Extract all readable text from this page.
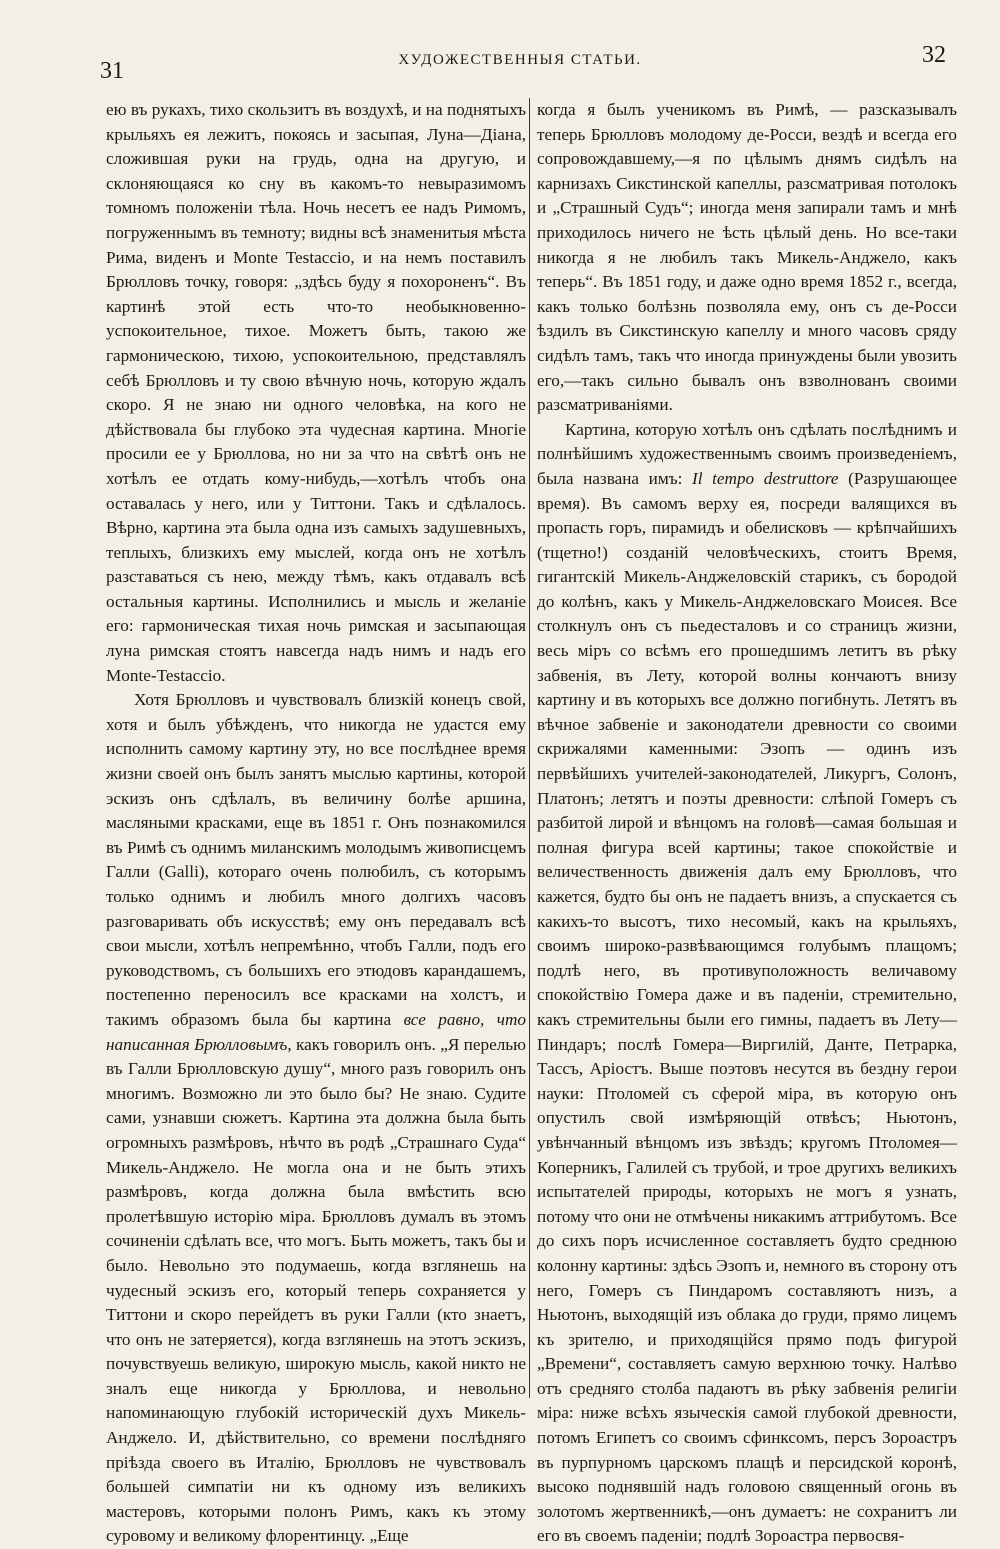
31	ХУДОЖЕСТВЕННЫЯ СТАТЬИ.	32

ею въ рукахъ, тихо скользитъ въ воздухѣ, и на поднятыхъ крыльяхъ ея лежитъ, покоясь и засыпая, Луна—Діана, сложившая руки на грудь, одна на другую, и склоняющаяся ко сну въ какомъ-то невыразимомъ томномъ положеніи тѣла. Ночь несетъ ее надъ Римомъ, погруженнымъ въ темноту; видны всѣ знаменитыя мѣста Рима, виденъ и Monte Testaccio, и на немъ поставилъ Брюлловъ точку, говоря: „здѣсь буду я похороненъ“. Въ картинѣ этой есть что-то необыкновенно-успокоительное, тихое. Можетъ быть, такою же гармоническою, тихою, успокоительною, представлялъ себѣ Брюлловъ и ту свою вѣчную ночь, которую ждалъ скоро. Я не знаю ни одного человѣка, на кого не дѣйствовала бы глубоко эта чудесная картина. Многіе просили ее у Брюллова, но ни за что на свѣтѣ онъ не хотѣлъ ее отдать кому-нибудь,—хотѣлъ чтобъ она оставалась у него, или у Титтони. Такъ и сдѣлалось. Вѣрно, картина эта была одна изъ самыхъ задушевныхъ, теплыхъ, близкихъ ему мыслей, когда онъ не хотѣлъ разставаться съ нею, между тѣмъ, какъ отдавалъ всѣ остальныя картины. Исполнились и мысль и желаніе его: гармоническая тихая ночь римская и засыпающая луна римская стоятъ навсегда надъ нимъ и надъ его Monte-Testaccio.

Хотя Брюлловъ и чувствовалъ близкій конецъ свой, хотя и былъ убѣжденъ, что никогда не удастся ему исполнить самому картину эту, но все послѣднее время жизни своей онъ былъ занятъ мыслью картины, которой эскизъ онъ сдѣлалъ, въ величину болѣе аршина, масляными красками, еще въ 1851 г. Онъ познакомился въ Римѣ съ однимъ миланскимъ молодымъ живописцемъ Галли (Galli), котораго очень полюбилъ, съ которымъ только однимъ и любилъ много долгихъ часовъ разговаривать объ искусствѣ; ему онъ передавалъ всѣ свои мысли, хотѣлъ непремѣнно, чтобъ Галли, подъ его руководствомъ, съ большихъ его этюдовъ карандашемъ, постепенно переносилъ все красками на холстъ, и такимъ образомъ была бы картина все равно, что написанная Брюлловымъ, какъ говорилъ онъ. „Я перелью въ Галли Брюлловскую душу“, много разъ говорилъ онъ многимъ. Возможно ли это было бы? Не знаю. Судите сами, узнавши сюжетъ. Картина эта должна была быть огромныхъ размѣровъ, нѣчто въ родѣ „Страшнаго Суда“ Микель-Анджело. Не могла она и не быть этихъ размѣровъ, когда должна была вмѣстить всю пролетѣвшую исторію міра. Брюлловъ думалъ въ этомъ сочиненіи сдѣлать все, что могъ. Быть можетъ, такъ бы и было. Невольно это подумаешь, когда взглянешь на чудесный эскизъ его, который теперь сохраняется у Титтони и скоро перейдетъ въ руки Галли (кто знаетъ, что онъ не затеряется), когда взглянешь на этотъ эскизъ, почувствуешь великую, широкую мысль, какой никто не зналъ еще никогда у Брюллова, и невольно напоминающую глубокій историческій духъ Микель-Анджело. И, дѣйствительно, со времени послѣдняго пріѣзда своего въ Италію, Брюлловъ не чувствовалъ большей симпатіи ни къ одному изъ великихъ мастеровъ, которыми полонъ Римъ, какъ къ этому суровому и великому флорентинцу. „Еще

когда я былъ ученикомъ въ Римѣ, — разсказывалъ теперь Брюлловъ молодому де-Росси, вездѣ и всегда его сопровождавшему,—я по цѣлымъ днямъ сидѣлъ на карнизахъ Сикстинской капеллы, разсматривая потолокъ и „Страшный Судъ“; иногда меня запирали тамъ и мнѣ приходилось ничего не ѣсть цѣлый день. Но все-таки никогда я не любилъ такъ Микель-Анджело, какъ теперь“. Въ 1851 году, и даже одно время 1852 г., всегда, какъ только болѣзнь позволяла ему, онъ съ де-Росси ѣздилъ въ Сикстинскую капеллу и много часовъ сряду сидѣлъ тамъ, такъ что иногда принуждены были увозить его,—такъ сильно бывалъ онъ взволнованъ своими разсматриваніями.

Картина, которую хотѣлъ онъ сдѣлать послѣднимъ и полнѣйшимъ художественнымъ своимъ произведеніемъ, была названа имъ: Il tempo destruttore (Разрушающее время). Въ самомъ верху ея, посреди валящихся въ пропасть горъ, пирамидъ и обелисковъ — крѣпчайшихъ (тщетно!) созданій человѣческихъ, стоитъ Время, гигантскій Микель-Анджеловскій старикъ, съ бородой до колѣнъ, какъ у Микель-Анджеловскаго Моисея. Все столкнулъ онъ съ пьедесталовъ и со страницъ жизни, весь міръ со всѣмъ его прошедшимъ летитъ въ рѣку забвенія, въ Лету, которой волны кончаютъ внизу картину и въ которыхъ все должно погибнуть. Летятъ въ вѣчное забвеніе и законодатели древности со своими скрижалями каменными: Эзопъ — одинъ изъ первѣйшихъ учителей-законодателей, Ликургъ, Солонъ, Платонъ; летятъ и поэты древности: слѣпой Гомеръ съ разбитой лирой и вѣнцомъ на головѣ—самая большая и полная фигура всей картины; такое спокойствіе и величественность движенія далъ ему Брюлловъ, что кажется, будто бы онъ не падаетъ внизъ, а спускается съ какихъ-то высотъ, тихо несомый, какъ на крыльяхъ, своимъ широко-развѣвающимся голубымъ плащомъ; подлѣ него, въ противуположность величавому спокойствію Гомера даже и въ паденіи, стремительно, какъ стремительны были его гимны, падаетъ въ Лету—Пиндаръ; послѣ Гомера—Виргилій, Данте, Петрарка, Тассъ, Аріостъ. Выше поэтовъ несутся въ бездну герои науки: Птоломей съ сферой міра, въ которую онъ опустилъ свой измѣряющій отвѣсъ; Ньютонъ, увѣнчанный вѣнцомъ изъ звѣздъ; кругомъ Птоломея—Коперникъ, Галилей съ трубой, и трое другихъ великихъ испытателей природы, которыхъ не могъ я узнать, потому что они не отмѣчены никакимъ аттрибутомъ. Все до сихъ поръ исчисленное составляетъ будто среднюю колонну картины: здѣсь Эзопъ и, немного въ сторону отъ него, Гомеръ съ Пиндаромъ составляютъ низъ, а Ньютонъ, выходящій изъ облака до груди, прямо лицемъ къ зрителю, и приходящійся прямо подъ фигурой „Времени“, составляетъ самую верхнюю точку. Налѣво отъ средняго столба падаютъ въ рѣку забвенія религіи міра: ниже всѣхъ языческія самой глубокой древности, потомъ Египетъ со своимъ сфинксомъ, персъ Зороастръ въ пурпурномъ царскомъ плащѣ и персидской коронѣ, высоко поднявшій надъ головою священный огонь въ золотомъ жертвенникѣ,—онъ думаетъ: не сохранитъ ли его въ своемъ паденіи; подлѣ Зороастра первосвя-
